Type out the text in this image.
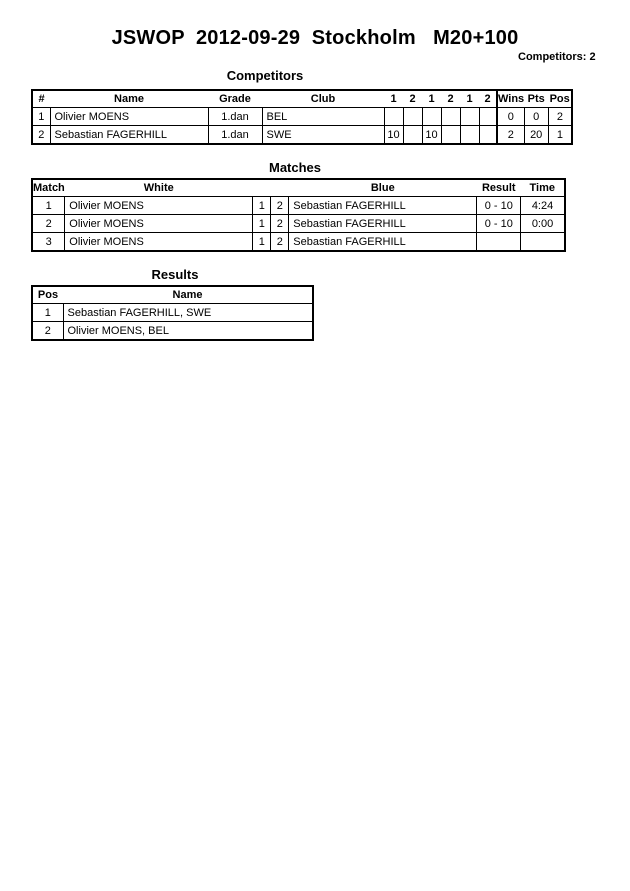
JSWOP  2012-09-29  Stockholm   M20+100
Competitors: 2
Competitors
#	Name	Grade	Club	1	2	1	2	1	2	Wins	Pts	Pos
1	Olivier MOENS	1.dan	BEL							0	0	2
2	Sebastian FAGERHILL	1.dan	SWE	10		10				2	20	1
Matches
Match	White			Blue	Result	Time
1	Olivier MOENS	1	2	Sebastian FAGERHILL	0 - 10	4:24
2	Olivier MOENS	1	2	Sebastian FAGERHILL	0 - 10	0:00
3	Olivier MOENS	1	2	Sebastian FAGERHILL		
Results
Pos	Name
1	Sebastian FAGERHILL, SWE
2	Olivier MOENS, BEL
